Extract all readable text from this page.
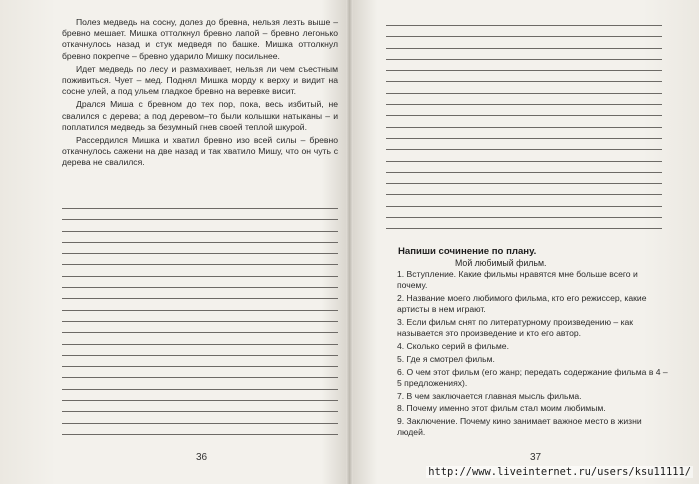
Полез медведь на сосну, долез до бревна, нельзя лезть выше – бревно мешает. Мишка оттолкнул бревно лапой – бревно легонько откачнулось назад и стук медведя по башке. Мишка оттолкнул бревно покрепче – бревно ударило Мишку посильнее.

Идет медведь по лесу и размахивает, нельзя ли чем съестным поживиться. Чует – мед. Поднял Мишка морду к верху и видит на сосне улей, а под ульем гладкое бревно на веревке висит.

Дрался Миша с бревном до тех пор, пока, весь избитый, не свалился с дерева; а под деревом–то были колышки натыканы – и поплатился медведь за безумный гнев своей теплой шкурой.

Рассердился Мишка и хватил бревно изо всей силы – бревно откачнулось сажени на две назад и так хватило Мишу, что он чуть с дерева не свалился.

36
Напиши сочинение по плану.
Мой любимый фильм.
1. Вступление. Какие фильмы нравятся мне больше всего и почему.
2. Название моего любимого фильма, кто его режиссер, какие артисты в нем играют.
3. Если фильм снят по литературному произведению – как называется это произведение и кто его автор.
4. Сколько серий в фильме.
5. Где я смотрел фильм.
6. О чем этот фильм (его жанр; передать содержание фильма в 4 – 5 предложениях).
7. В чем заключается главная мысль фильма.
8. Почему именно этот фильм стал моим любимым.
9. Заключение. Почему кино занимает важное место в жизни людей.
37
http://www.liveinternet.ru/users/ksu11111/
